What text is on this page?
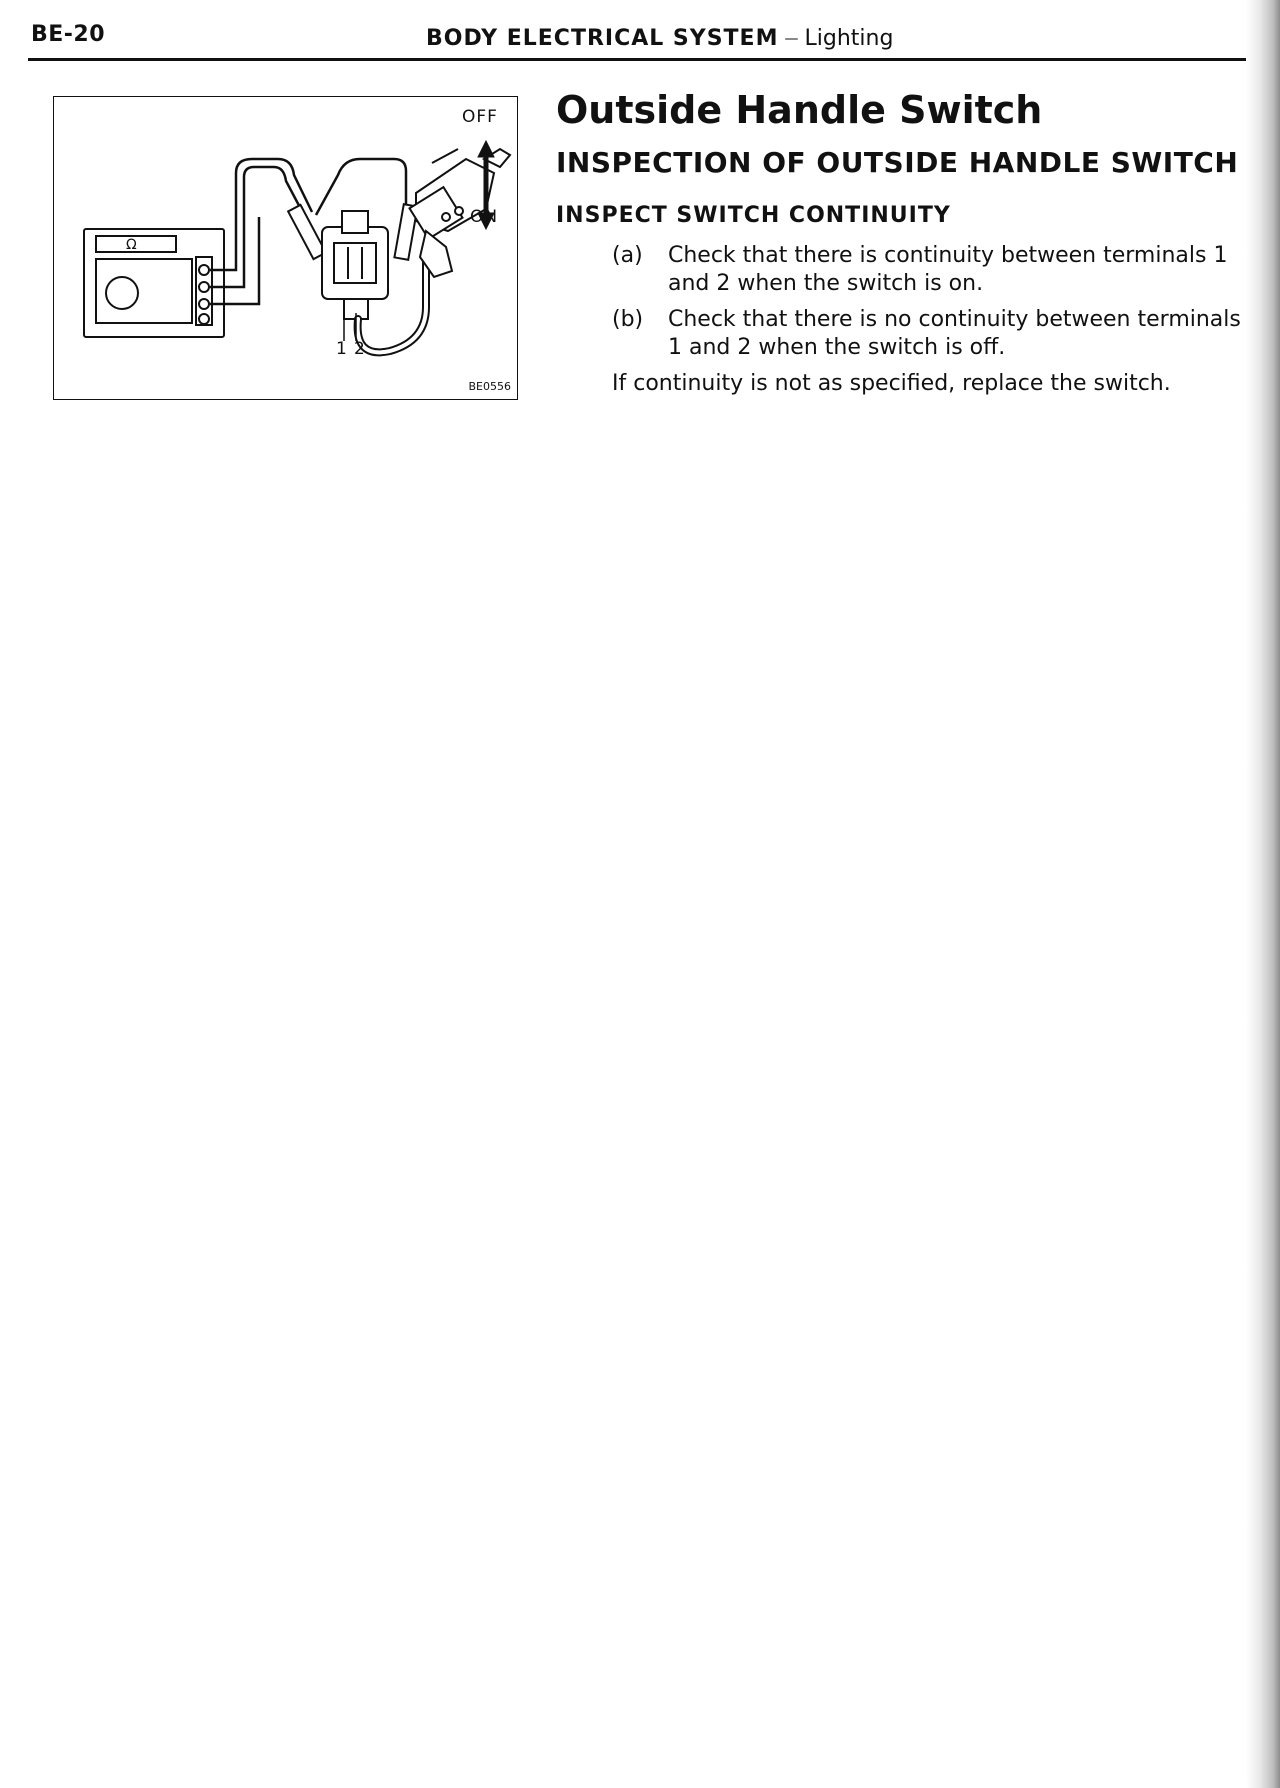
BE-20	BODY ELECTRICAL SYSTEM — Lighting
OFF
ON
Ω
1 2
BE0556
Outside Handle Switch
INSPECTION OF OUTSIDE HANDLE SWITCH
INSPECT SWITCH CONTINUITY
(a) Check that there is continuity between terminals 1 and 2 when the switch is on.
(b) Check that there is no continuity between terminals 1 and 2 when the switch is off.
If continuity is not as specified, replace the switch.
